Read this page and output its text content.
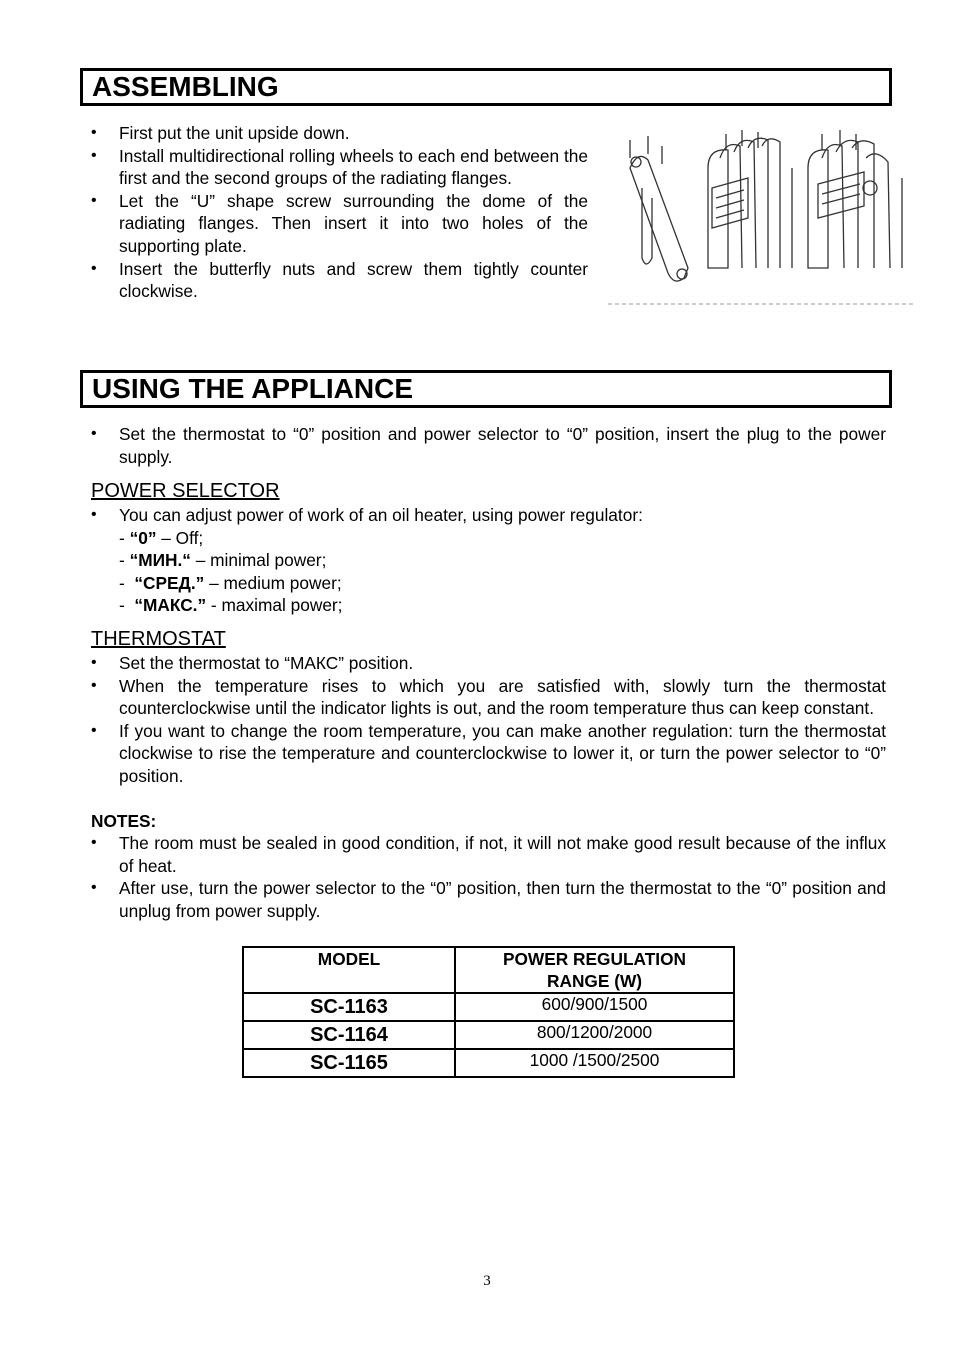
ASSEMBLING
• First put the unit upside down.
• Install multidirectional rolling wheels to each end between the first and the second groups of the radiating flanges.
• Let the “U” shape screw surrounding the dome of the radiating flanges. Then insert it into two holes of the supporting plate.
• Insert the butterfly nuts and screw them tightly counter clockwise.
USING THE APPLIANCE
• Set the thermostat to “0” position and power selector to “0” position, insert the plug to the power supply.
POWER SELECTOR
• You can adjust power of work of an oil heater, using power regulator:
- “0” – Off;
- “МИН.“ – minimal power;
-  “СРЕД.” – medium power;
-  “МАКС.” - maximal power;
THERMOSTAT
• Set the thermostat to “МАКС” position.
• When the temperature rises to which you are satisfied with, slowly turn the thermostat counterclockwise until the indicator lights is out, and the room temperature thus can keep constant.
• If you want to change the room temperature, you can make another regulation: turn the thermostat clockwise to rise the temperature and counterclockwise to lower it, or turn the power selector to “0” position.
NOTES:
• The room must be sealed in good condition, if not, it will not make good result because of the influx of heat.
• After use, turn the power selector to the “0” position, then turn the thermostat to the “0” position and unplug from power supply.
MODEL	POWER REGULATION RANGE (W)
SC-1163	600/900/1500
SC-1164	800/1200/2000
SC-1165	1000 /1500/2500
3
